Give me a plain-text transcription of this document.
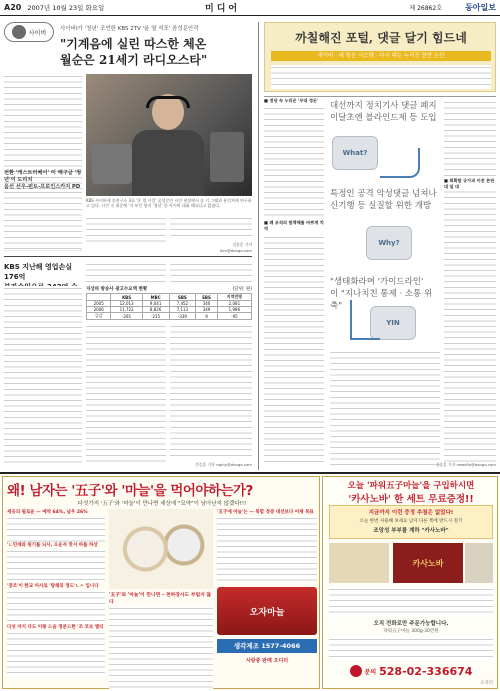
A20 2007년 10월 23일 화요일	미디어	제 26862호	동아일보
사이버
사이버Ⅰ가 '청년' 조언한 KBS 2TV '윤 열 석포' 음성문안작
"기계음에 실린 따스한 체온
월순은 21세기 라디오스타"
전환 '캐스트러베이' 미 해구금 '청년'이 도리치
음선 선우-펀트-프로인스카지 PD
KBS 사이버캐 송연구소 3호 '운 열 사일' 음성문안 시안 현장에서 송 키 그램과 용인처에 연구하고 있다. 시안 속 위문에 '자 보인 양지 '청년' 한 사이버 대화 해요다고 밝혔다.
김종운 기자 kim@donga.com
KBS 지난해 영업손실 176억
지상파 방송사 광고수요액 현황	(단위: 원)
	KBS	MBC	SBS	EBS	지역민방
2005	12,013	9,041	7,452	340	2,081
2006	11,722	8,826	7,113	349	1,986
증감	-291	-215	-339	9	-95
전승훈 기자 raphy@donga.com
까칠해진 포털, 댓글 달기 힘드네
새이버 · 네 항은 시스템 · 다시 대는 누리꾼 찬반 논란
■ 정당 속 누리꾼 '무대 정돈'
■ 왜 조직의 합책해를 바쁘게 치역
대선까지 정치기사 댓글 폐지
이달초엔 블라인드제 등 도입
What?
특정인 공격 악성댓글 넘쳐나
신기행 등 실질할 위한 개방
Why?
"생태화라며 '가이드라인'
이 "지나치친 통제 · 소통 위축"
YIN
■ 희확할 규가과 이전 본판대 일 대
김종훈 기자 newsfix@donga.com
왜! 남자는 '五子'와 '마늘'을 먹어야하는가?
다섯가지 '五子'와 '마늘'이 만나면 세상에 "묘약"이 남아난지 않겠다!!!
세웅의 필로운 — 예약 64%, 남우 26%
'ㄴ민데와 원기를 뇌사, 오운자 맛서 바를 하상
'장조'이 한교 미사로 '탕해의 정도'ㄴㅅ 입니다
다섯 자지 다도 이왕 드음 정분드한 '조 코보 엘티
'五子'와 '마늘'이 만나면 – 천하장사도 부럽지 않다
'五子에 마늘'는 — 복합 정증 대선보다 어제 목표
오자마늘
생각제조 1577-4066
사랑중 판매 오디터
오늘 '파워五子마늘'을 구입하시면
'카사노바' 한 세트 무료증정!!
지금까지 이런 증정 추첨은 없었다!
오늘 한번 사용해 보세요 남자 다른 쪽에 반드시 걸기
조앙성 부부를 계하 "카사노바"
카사노바
오직 전화로만 주문가능합니다.
파워五子마늘 300g·30만원
문의 528-02-336674
오자리
